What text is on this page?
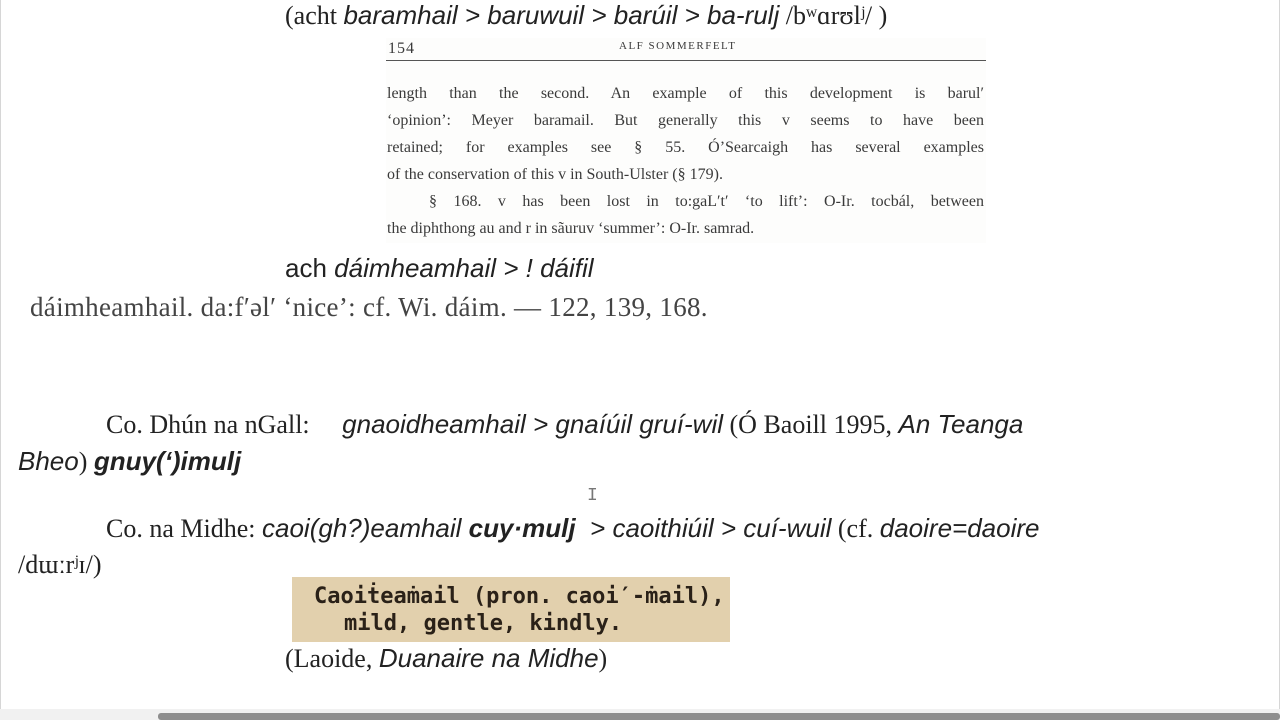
(acht baramhail > baruwuil > barúil > ba-rulj /bʷɑrʊlʲ/ )
154	ALF SOMMERFELT
length than the second. An example of this development is barul′
‘opinion’: Meyer baramail. But generally this v seems to have been
retained; for examples see § 55. Ó’Searcaigh has several examples
of the conservation of this v in South-Ulster (§ 179).
§ 168. v has been lost in to:gaL′t′ ‘to lift’: O-Ir. tocbál, between
the diphthong au and r in sãuruv ‘summer’: O-Ir. samrad.
ach dáimheamhail > ! dáifil
dáimheamhail. da:f′əl′ ‘nice’: cf. Wi. dáim. — 122, 139, 168.
Co. Dhún na nGall: gnaoidheamhail > gnaíúil gruí-wil (Ó Baoill 1995, An Teanga
Bheo) gnuy(‘)imulj
Co. na Midhe: caoi(gh?)eamhail cuy·mulj  > caoithiúil > cuí-wuil (cf. daoire=daoire
/dɯːrʲɪ/)
I
Caoiṫeaṁail (pron. caoi′-ṁail),
mild, gentle, kindly.
(Laoide, Duanaire na Midhe)
